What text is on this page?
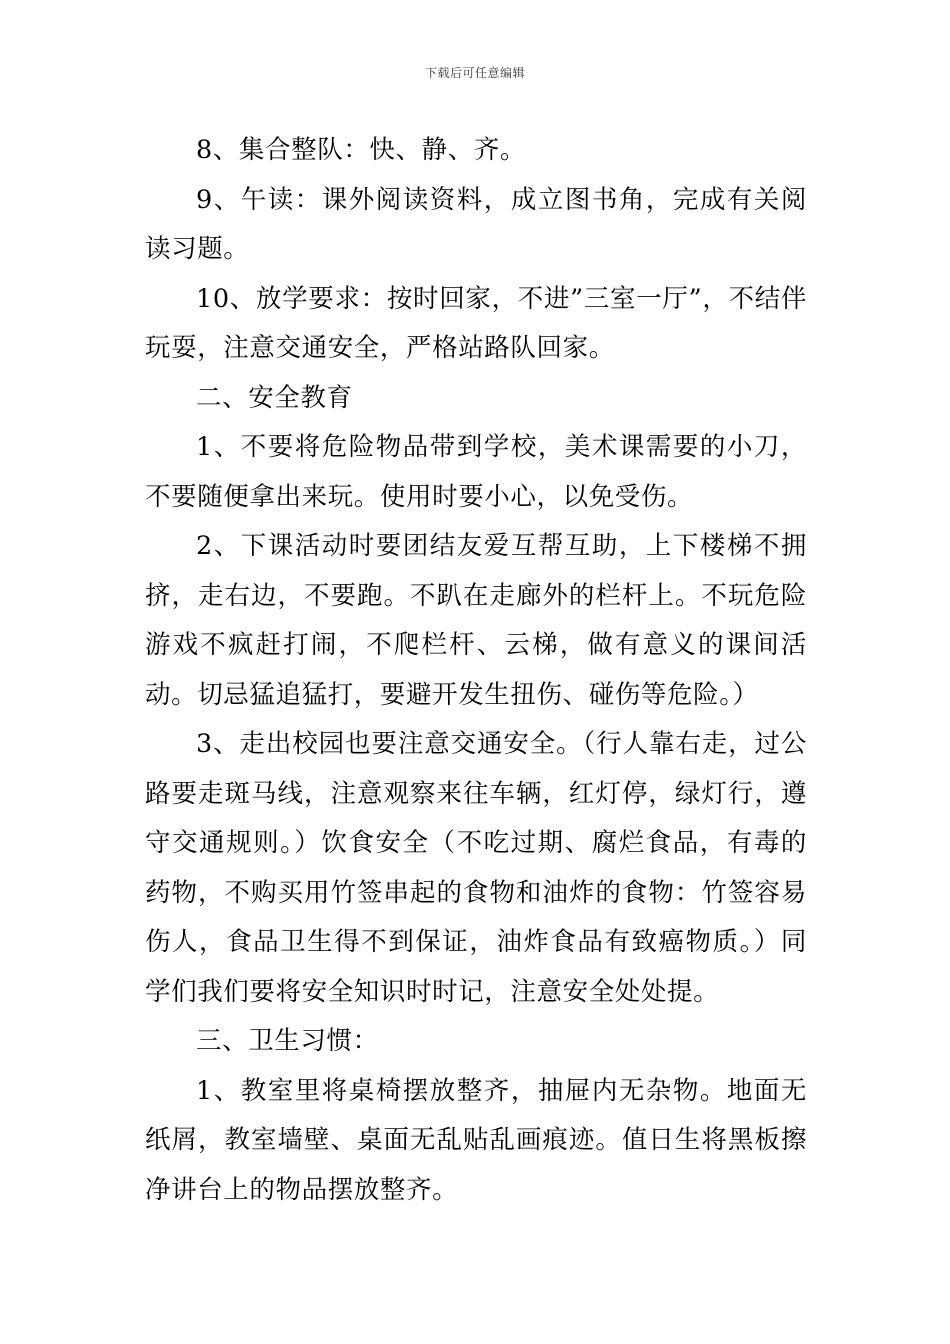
下载后可任意编辑

8、集合整队：快、静、齐。

9、午读：课外阅读资料，成立图书角，完成有关阅读习题。

10、放学要求：按时回家，不进”三室一厅”，不结伴玩耍，注意交通安全，严格站路队回家。

二、安全教育

1、不要将危险物品带到学校，美术课需要的小刀，不要随便拿出来玩。使用时要小心，以免受伤。

2、下课活动时要团结友爱互帮互助，上下楼梯不拥挤，走右边，不要跑。不趴在走廊外的栏杆上。不玩危险游戏不疯赶打闹，不爬栏杆、云梯，做有意义的课间活动。切忌猛追猛打，要避开发生扭伤、碰伤等危险。）

3、走出校园也要注意交通安全。（行人靠右走，过公路要走斑马线，注意观察来往车辆，红灯停，绿灯行，遵守交通规则。）饮食安全（不吃过期、腐烂食品，有毒的药物，不购买用竹签串起的食物和油炸的食物：竹签容易伤人，食品卫生得不到保证，油炸食品有致癌物质。）同学们我们要将安全知识时时记，注意安全处处提。

三、卫生习惯：

1、教室里将桌椅摆放整齐，抽屉内无杂物。地面无纸屑，教室墙壁、桌面无乱贴乱画痕迹。值日生将黑板擦净讲台上的物品摆放整齐。
